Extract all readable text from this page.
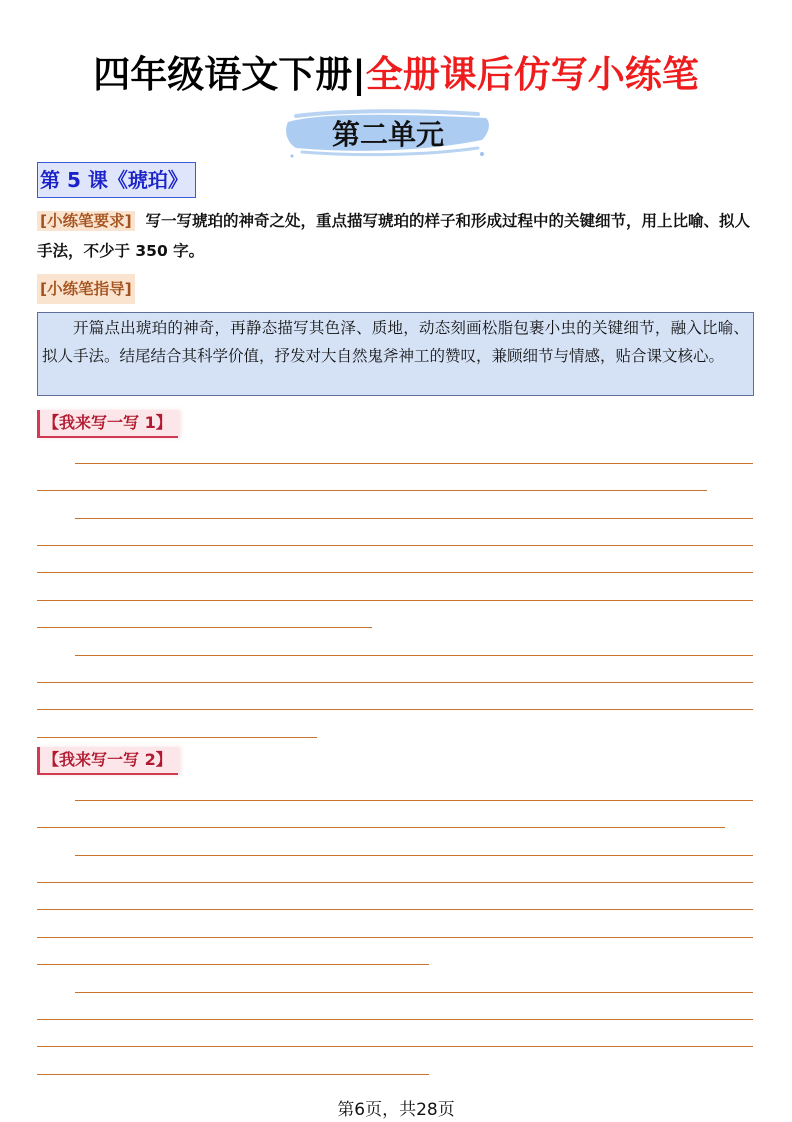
四年级语文下册|全册课后仿写小练笔
第二单元
第 5 课《琥珀》
[小练笔要求] 写一写琥珀的神奇之处，重点描写琥珀的样子和形成过程中的关键细节，用上比喻、拟人手法，不少于 350 字。
[小练笔指导]
开篇点出琥珀的神奇，再静态描写其色泽、质地，动态刻画松脂包裹小虫的关键细节，融入比喻、拟人手法。结尾结合其科学价值，抒发对大自然鬼斧神工的赞叹，兼顾细节与情感，贴合课文核心。
【我来写一写 1】
【我来写一写 2】
第6页，共28页
